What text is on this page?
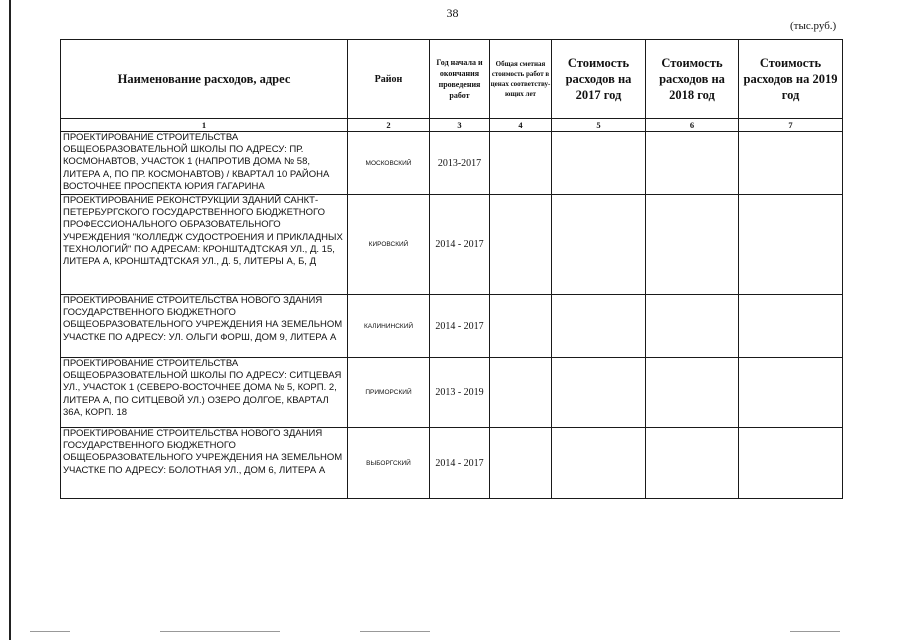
38
(тыс.руб.)
Наименование расходов, адрес	Район	Год начала и окончания проведения работ	Общая сметная стоимость работ в ценах соответству-ющих лет	Стоимость расходов на 2017 год	Стоимость расходов на 2018 год	Стоимость расходов на 2019 год
1	2	3	4	5	6	7
ПРОЕКТИРОВАНИЕ СТРОИТЕЛЬСТВА ОБЩЕОБРАЗОВАТЕЛЬНОЙ ШКОЛЫ ПО АДРЕСУ: ПР. КОСМОНАВТОВ, УЧАСТОК 1 (НАПРОТИВ ДОМА № 58, ЛИТЕРА А, ПО ПР. КОСМОНАВТОВ) / КВАРТАЛ 10 РАЙОНА ВОСТОЧНЕЕ ПРОСПЕКТА ЮРИЯ ГАГАРИНА	МОСКОВСКИЙ	2013-2017				
ПРОЕКТИРОВАНИЕ РЕКОНСТРУКЦИИ ЗДАНИЙ САНКТ-ПЕТЕРБУРГСКОГО ГОСУДАРСТВЕННОГО БЮДЖЕТНОГО ПРОФЕССИОНАЛЬНОГО ОБРАЗОВАТЕЛЬНОГО УЧРЕЖДЕНИЯ "КОЛЛЕДЖ СУДОСТРОЕНИЯ И ПРИКЛАДНЫХ ТЕХНОЛОГИЙ" ПО АДРЕСАМ: КРОНШТАДТСКАЯ УЛ., Д. 15, ЛИТЕРА А, КРОНШТАДТСКАЯ УЛ., Д. 5, ЛИТЕРЫ А, Б, Д	КИРОВСКИЙ	2014 - 2017				
ПРОЕКТИРОВАНИЕ СТРОИТЕЛЬСТВА НОВОГО ЗДАНИЯ ГОСУДАРСТВЕННОГО БЮДЖЕТНОГО ОБЩЕОБРАЗОВАТЕЛЬНОГО УЧРЕЖДЕНИЯ НА ЗЕМЕЛЬНОМ УЧАСТКЕ ПО АДРЕСУ: УЛ. ОЛЬГИ ФОРШ, ДОМ 9, ЛИТЕРА А	КАЛИНИНСКИЙ	2014 - 2017				
ПРОЕКТИРОВАНИЕ СТРОИТЕЛЬСТВА ОБЩЕОБРАЗОВАТЕЛЬНОЙ ШКОЛЫ ПО АДРЕСУ: СИТЦЕВАЯ УЛ., УЧАСТОК 1 (СЕВЕРО-ВОСТОЧНЕЕ ДОМА № 5, КОРП. 2, ЛИТЕРА А, ПО СИТЦЕВОЙ УЛ.) ОЗЕРО ДОЛГОЕ, КВАРТАЛ 36А, КОРП. 18	ПРИМОРСКИЙ	2013 - 2019				
ПРОЕКТИРОВАНИЕ СТРОИТЕЛЬСТВА НОВОГО ЗДАНИЯ ГОСУДАРСТВЕННОГО БЮДЖЕТНОГО ОБЩЕОБРАЗОВАТЕЛЬНОГО УЧРЕЖДЕНИЯ НА ЗЕМЕЛЬНОМ УЧАСТКЕ ПО АДРЕСУ: БОЛОТНАЯ УЛ., ДОМ 6, ЛИТЕРА А	ВЫБОРГСКИЙ	2014 - 2017				
